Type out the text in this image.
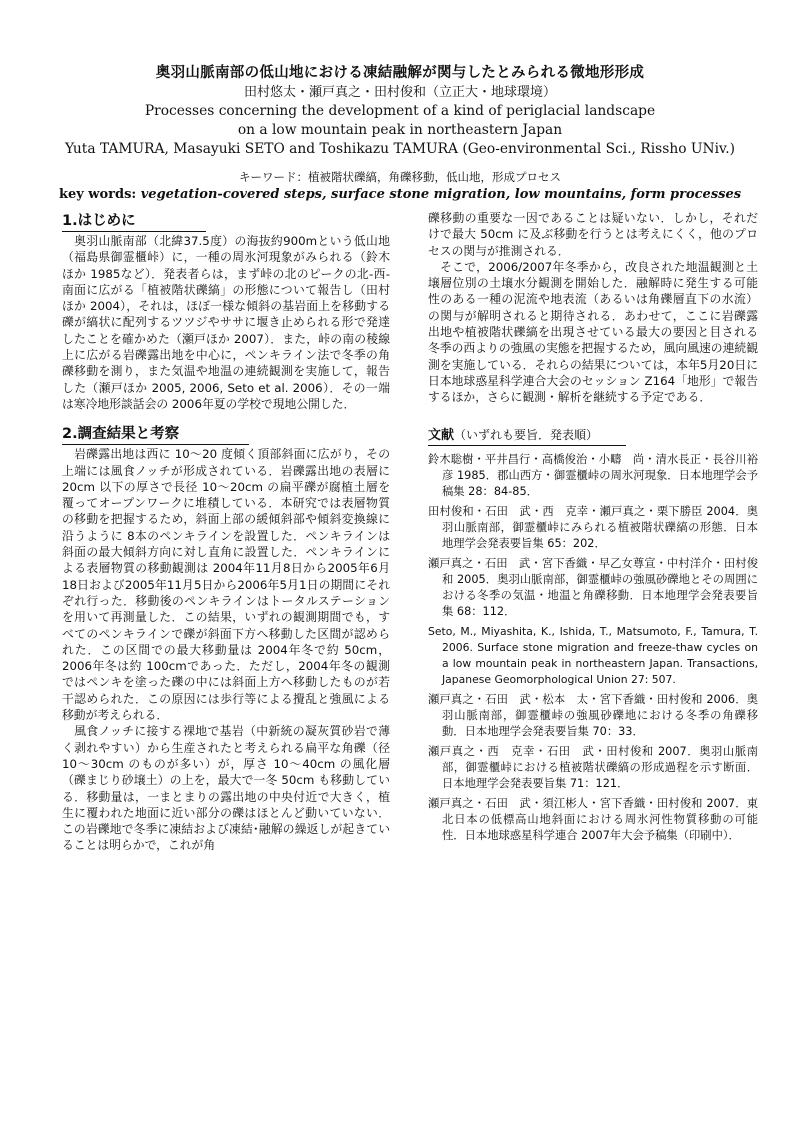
奥羽山脈南部の低山地における凍結融解が関与したとみられる微地形形成
田村悠太・瀬戸真之・田村俊和（立正大・地球環境）
Processes concerning the development of a kind of periglacial landscape
on a low mountain peak in northeastern Japan
Yuta TAMURA, Masayuki SETO and Toshikazu TAMURA (Geo-environmental Sci., Rissho UNiv.)
キーワード：植被階状礫縞，角礫移動，低山地，形成プロセス
key words: vegetation-covered steps, surface stone migration, low mountains, form processes
1.はじめに

　奥羽山脈南部（北緯37.5度）の海抜約900mという低山地（福島県御霊櫃峠）に，一種の周氷河現象がみられる（鈴木ほか 1985など）．発表者らは，まず峠の北のピークの北-西-南面に広がる「植被階状礫縞」の形態について報告し（田村ほか 2004），それは，ほぼ一様な傾斜の基岩面上を移動する礫が縞状に配列するツツジやササに堰き止められる形で発達したことを確かめた（瀬戸ほか 2007）．また，峠の南の稜線上に広がる岩礫露出地を中心に，ペンキライン法で冬季の角礫移動を測り，また気温や地温の連続観測を実施して，報告した（瀬戸ほか 2005, 2006, Seto et al. 2006）．その一端は寒冷地形談話会の 2006年夏の学校で現地公開した．

2.調査結果と考察

　岩礫露出地は西に 10～20 度傾く頂部斜面に広がり，その上端には風食ノッチが形成されている．岩礫露出地の表層に 20cm 以下の厚さで長径 10～20cm の扁平礫が腐植土層を覆ってオープンワークに堆積している．本研究では表層物質の移動を把握するため，斜面上部の緩傾斜部や傾斜変換線に沿うように 8本のペンキラインを設置した．ペンキラインは斜面の最大傾斜方向に対し直角に設置した．ペンキラインによる表層物質の移動観測は 2004年11月8日から2005年6月18日および2005年11月5日から2006年5月1日の期間にそれぞれ行った．移動後のペンキラインはトータルステーションを用いて再測量した．この結果，いずれの観測期間でも，すべてのペンキラインで礫が斜面下方へ移動した区間が認められた．この区間での最大移動量は 2004年冬で約 50cm，2006年冬は約 100cmであった．ただし，2004年冬の観測ではペンキを塗った礫の中には斜面上方へ移動したものが若干認められた．この原因には歩行等による攪乱と強風による移動が考えられる．

　風食ノッチに接する裸地で基岩（中新統の凝灰質砂岩で薄く剥れやすい）から生産されたと考えられる扁平な角礫（径 10～30cm のものが多い）が，厚さ 10～40cm の風化層（礫まじり砂壌土）の上を，最大で一冬 50cm も移動している．移動量は，一まとまりの露出地の中央付近で大きく，植生に覆われた地面に近い部分の礫はほとんど動いていない．この岩礫地で冬季に凍結および凍結･融解の繰返しが起きていることは明らかで，これが角

礫移動の重要な一因であることは疑いない．しかし，それだけで最大 50cm に及ぶ移動を行うとは考えにくく，他のプロセスの関与が推測される．

　そこで，2006/2007年冬季から，改良された地温観測と土壌層位別の土壌水分観測を開始した．融解時に発生する可能性のある一種の泥流や地表流（あるいは角礫層直下の水流）の関与が解明されると期待される．あわせて，ここに岩礫露出地や植被階状礫縞を出現させている最大の要因と目される冬季の西よりの強風の実態を把握するため，風向風速の連続観測を実施している．それらの結果については，本年5月20日に日本地球惑星科学連合大会のセッション Z164「地形」で報告するほか，さらに観測・解析を継続する予定である．

文献（いずれも要旨．発表順）

鈴木聡樹・平井昌行・高橋俊治・小疇　尚・清水長正・長谷川裕彦 1985．郡山西方・御霊櫃峠の周氷河現象．日本地理学会予稿集 28：84-85．

田村俊和・石田　武・西　克幸・瀬戸真之・栗下勝臣 2004．奥羽山脈南部，御霊櫃峠にみられる植被階状礫縞の形態．日本地理学会発表要旨集 65：202．

瀬戸真之・石田　武・宮下香織・早乙女尊宣・中村洋介・田村俊和 2005．奥羽山脈南部，御霊櫃峠の強風砂礫地とその周囲における冬季の気温・地温と角礫移動．日本地理学会発表要旨集 68：112．

Seto, M., Miyashita, K., Ishida, T., Matsumoto, F., Tamura, T. 2006. Surface stone migration and freeze-thaw cycles on a low mountain peak in northeastern Japan. Transactions, Japanese Geomorphological Union 27: 507.

瀬戸真之・石田　武・松本　太・宮下香織・田村俊和 2006．奥羽山脈南部，御霊櫃峠の強風砂礫地における冬季の角礫移動．日本地理学会発表要旨集 70：33．

瀬戸真之・西　克幸・石田　武・田村俊和 2007．奥羽山脈南部，御霊櫃峠における植被階状礫縞の形成過程を示す断面．日本地理学会発表要旨集 71：121．

瀬戸真之・石田　武・須江彬人・宮下香織・田村俊和 2007．東北日本の低標高山地斜面における周氷河性物質移動の可能性．日本地球惑星科学連合 2007年大会予稿集（印刷中）．
